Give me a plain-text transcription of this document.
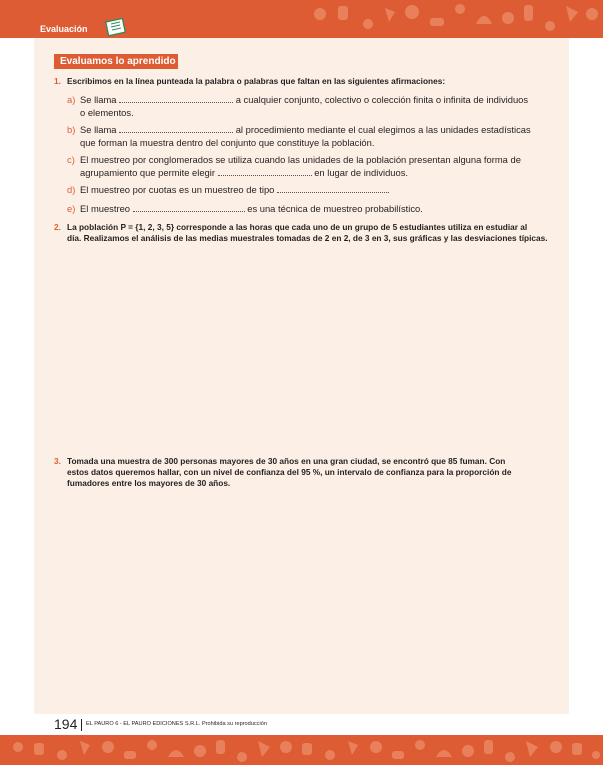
Evaluación
Evaluamos lo aprendido
1. Escribimos en la línea punteada la palabra o palabras que faltan en las siguientes afirmaciones:
a) Se llama	a cualquier conjunto, colectivo o colección finita o infinita de individuos
o elementos.
b) Se llama	al procedimiento mediante el cual elegimos a las unidades estadísticas
que forman la muestra dentro del conjunto que constituye la población.
c) El muestreo por conglomerados se utiliza cuando las unidades de la población presentan alguna forma de
agrupamiento que permite elegir	en lugar de individuos.
d) El muestreo por cuotas es un muestreo de tipo	.
e) El muestreo	es una técnica de muestreo probabilístico.
2. La población P = {1, 2, 3, 5} corresponde a las horas que cada uno de un grupo de 5 estudiantes utiliza en estudiar al
día. Realizamos el análisis de las medias muestrales tomadas de 2 en 2, de 3 en 3, sus gráficas y las desviaciones típicas.
3. Tomada una muestra de 300 personas mayores de 30 años en una gran ciudad, se encontró que 85 fuman. Con
estos datos queremos hallar, con un nivel de confianza del 95 %, un intervalo de confianza para la proporción de
fumadores entre los mayores de 30 años.
194 EL PAURO 6 - EL PAURO EDICIONES S.R.L. Prohibida su reproducción
